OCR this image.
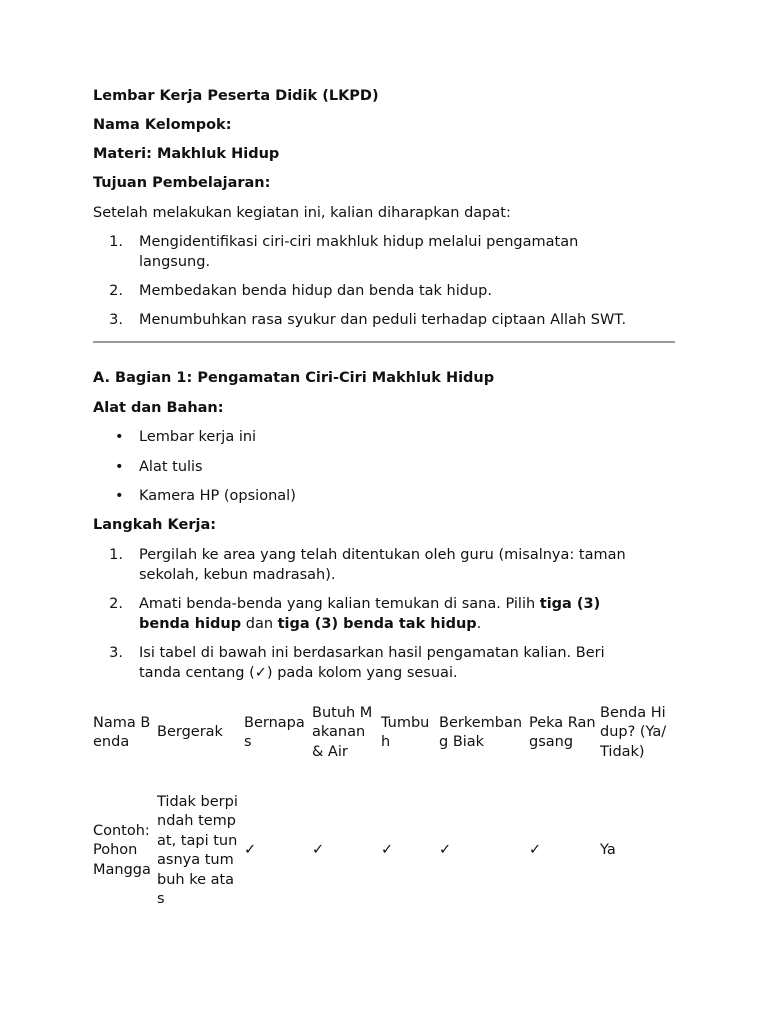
Lembar Kerja Peserta Didik (LKPD)
Nama Kelompok:
Materi: Makhluk Hidup
Tujuan Pembelajaran:
Setelah melakukan kegiatan ini, kalian diharapkan dapat:
1.	Mengidentifikasi ciri-ciri makhluk hidup melalui pengamatan langsung.
2.	Membedakan benda hidup dan benda tak hidup.
3.	Menumbuhkan rasa syukur dan peduli terhadap ciptaan Allah SWT.
A. Bagian 1: Pengamatan Ciri-Ciri Makhluk Hidup
Alat dan Bahan:
• Lembar kerja ini
• Alat tulis
• Kamera HP (opsional)
Langkah Kerja:
1.	Pergilah ke area yang telah ditentukan oleh guru (misalnya: taman sekolah, kebun madrasah).
2.	Amati benda-benda yang kalian temukan di sana. Pilih tiga (3) benda hidup dan tiga (3) benda tak hidup.
3.	Isi tabel di bawah ini berdasarkan hasil pengamatan kalian. Beri tanda centang (✓) pada kolom yang sesuai.
Nama Benda	Bergerak	Bernapas	Butuh Makanan & Air	Tumbuh	Berkembang Biak	Peka Rangsang	Benda Hidup? (Ya/Tidak)
Contoh: Pohon Mangga	Tidak berpindah tempat, tapi tunasnya tumbuh ke atas	✓	✓	✓	✓	✓	Ya
